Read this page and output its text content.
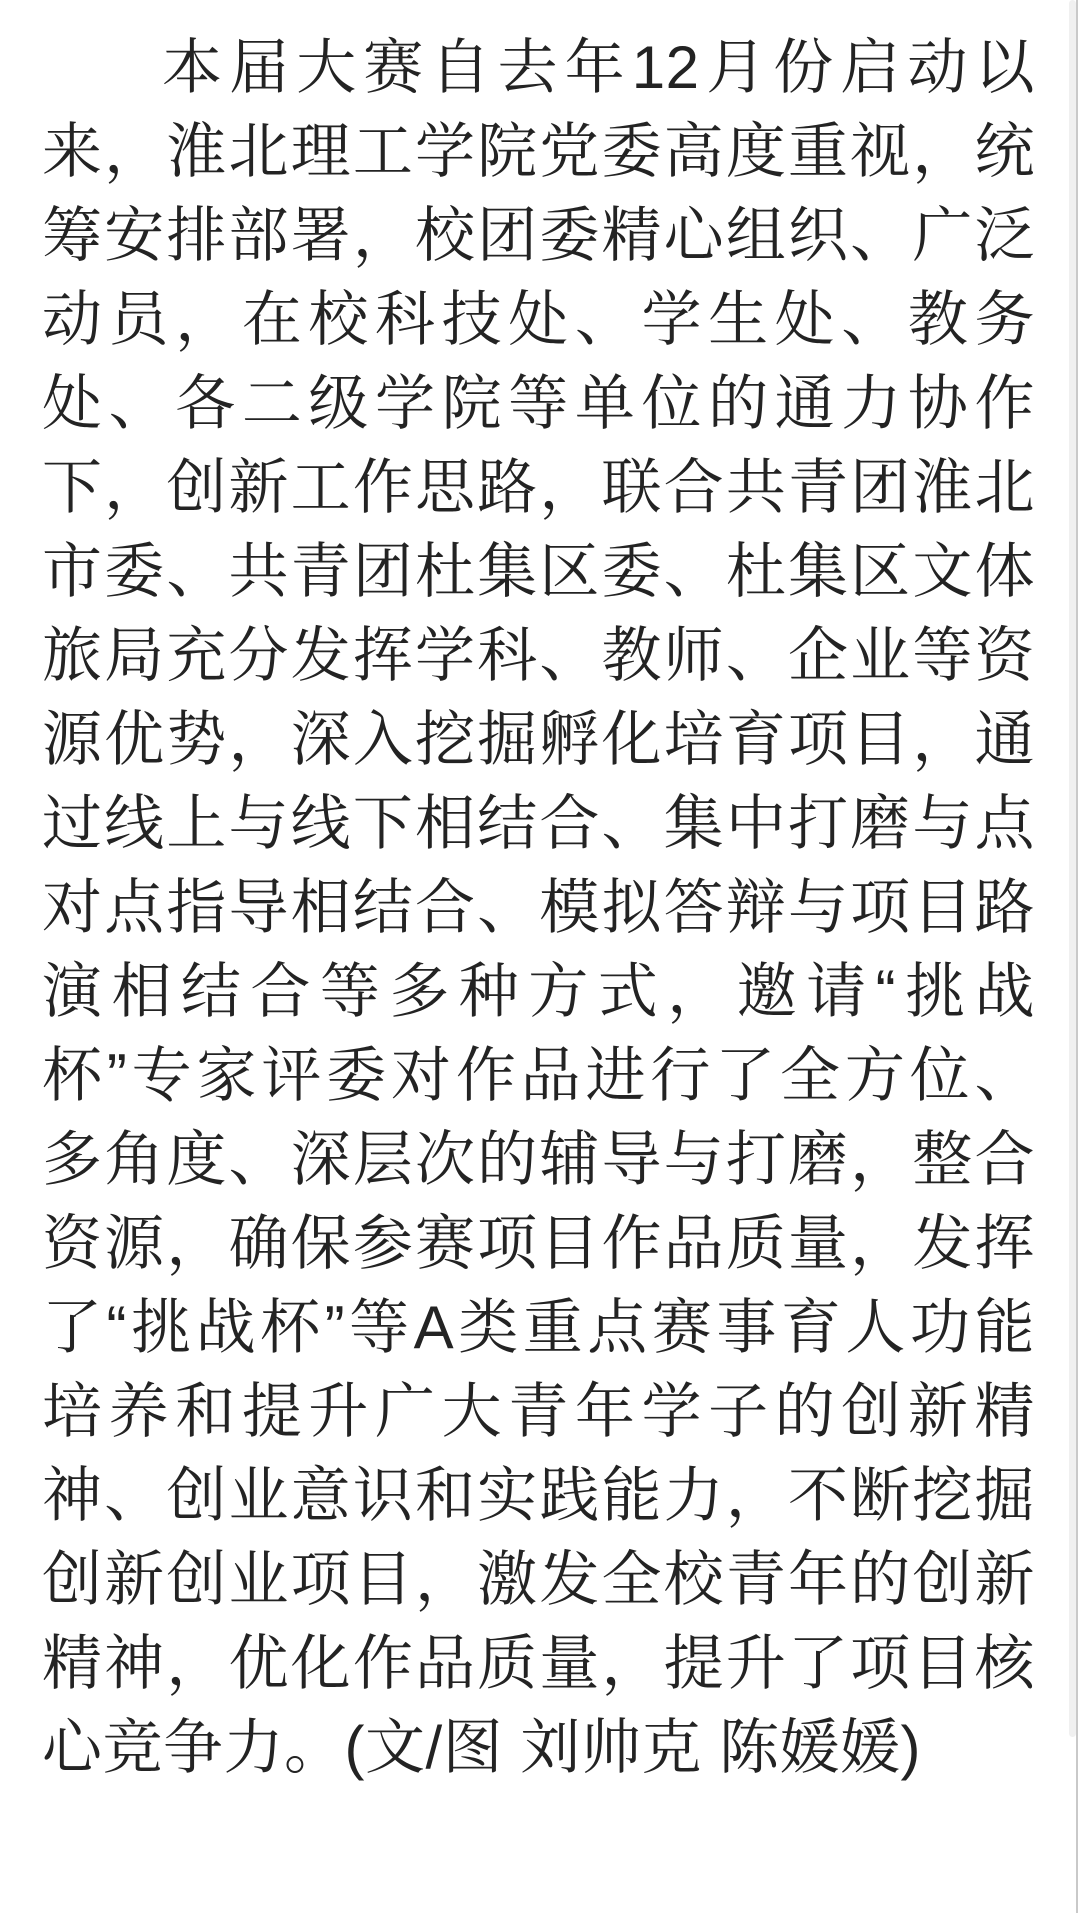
本届大赛自去年12月份启动以
来，淮北理工学院党委高度重视，统
筹安排部署，校团委精心组织、广泛
动员，在校科技处、学生处、教务
处、各二级学院等单位的通力协作
下，创新工作思路，联合共青团淮北
市委、共青团杜集区委、杜集区文体
旅局充分发挥学科、教师、企业等资
源优势，深入挖掘孵化培育项目，通
过线上与线下相结合、集中打磨与点
对点指导相结合、模拟答辩与项目路
演相结合等多种方式，邀请“挑战
杯”专家评委对作品进行了全方位、
多角度、深层次的辅导与打磨，整合
资源，确保参赛项目作品质量，发挥
了“挑战杯”等A类重点赛事育人功能
培养和提升广大青年学子的创新精
神、创业意识和实践能力，不断挖掘
创新创业项目，激发全校青年的创新
精神，优化作品质量，提升了项目核
心竞争力。(文/图 刘帅克 陈媛媛)
